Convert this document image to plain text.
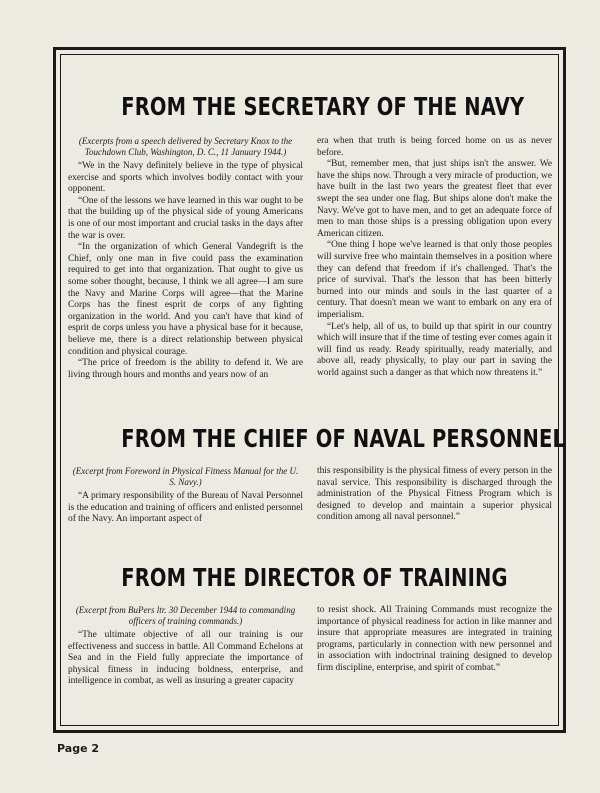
FROM THE SECRETARY OF THE NAVY
(Excerpts from a speech delivered by Secretary Knox to the Touchdown Club, Washington, D. C., 11 January 1944.)

“We in the Navy definitely believe in the type of physical exercise and sports which involves bodily contact with your opponent.

“One of the lessons we have learned in this war ought to be that the building up of the physical side of young Americans is one of our most important and crucial tasks in the days after the war is over.

“In the organization of which General Vandegrift is the Chief, only one man in five could pass the examination required to get into that organization. That ought to give us some sober thought, because, I think we all agree—I am sure the Navy and Marine Corps will agree—that the Marine Corps has the finest esprit de corps of any fighting organization in the world. And you can't have that kind of esprit de corps unless you have a physical base for it because, believe me, there is a direct relationship between physical condition and physical courage.

“The price of freedom is the ability to defend it. We are living through hours and months and years now of an

era when that truth is being forced home on us as never before.

“But, remember men, that just ships isn't the answer. We have the ships now. Through a very miracle of production, we have built in the last two years the greatest fleet that ever swept the sea under one flag. But ships alone don't make the Navy. We've got to have men, and to get an adequate force of men to man those ships is a pressing obligation upon every American citizen.

“One thing I hope we've learned is that only those peoples will survive free who maintain themselves in a position where they can defend that freedom if it's challenged. That's the price of survival. That's the lesson that has been bitterly burned into our minds and souls in the last quarter of a century. That doesn't mean we want to embark on any era of imperialism.

“Let's help, all of us, to build up that spirit in our country which will insure that if the time of testing ever comes again it will find us ready. Ready spiritually, ready materially, and above all, ready physically, to play our part in saving the world against such a danger as that which now threatens it.”

FROM THE CHIEF OF NAVAL PERSONNEL
(Excerpt from Foreword in Physical Fitness Manual for the U. S. Navy.)

“A primary responsibility of the Bureau of Naval Personnel is the education and training of officers and enlisted personnel of the Navy. An important aspect of

this responsibility is the physical fitness of every person in the naval service. This responsibility is discharged through the administration of the Physical Fitness Program which is designed to develop and maintain a superior physical condition among all naval personnel.”

FROM THE DIRECTOR OF TRAINING
(Excerpt from BuPers ltr. 30 December 1944 to commanding officers of training commands.)

“The ultimate objective of all our training is our effectiveness and success in battle. All Command Echelons at Sea and in the Field fully appreciate the importance of physical fitness in inducing boldness, enterprise, and intelligence in combat, as well as insuring a greater capacity

to resist shock. All Training Commands must recognize the importance of physical readiness for action in like manner and insure that appropriate measures are integrated in training programs, particularly in connection with new personnel and in association with indoctrinal training designed to develop firm discipline, enterprise, and spirit of combat.”

Page 2
